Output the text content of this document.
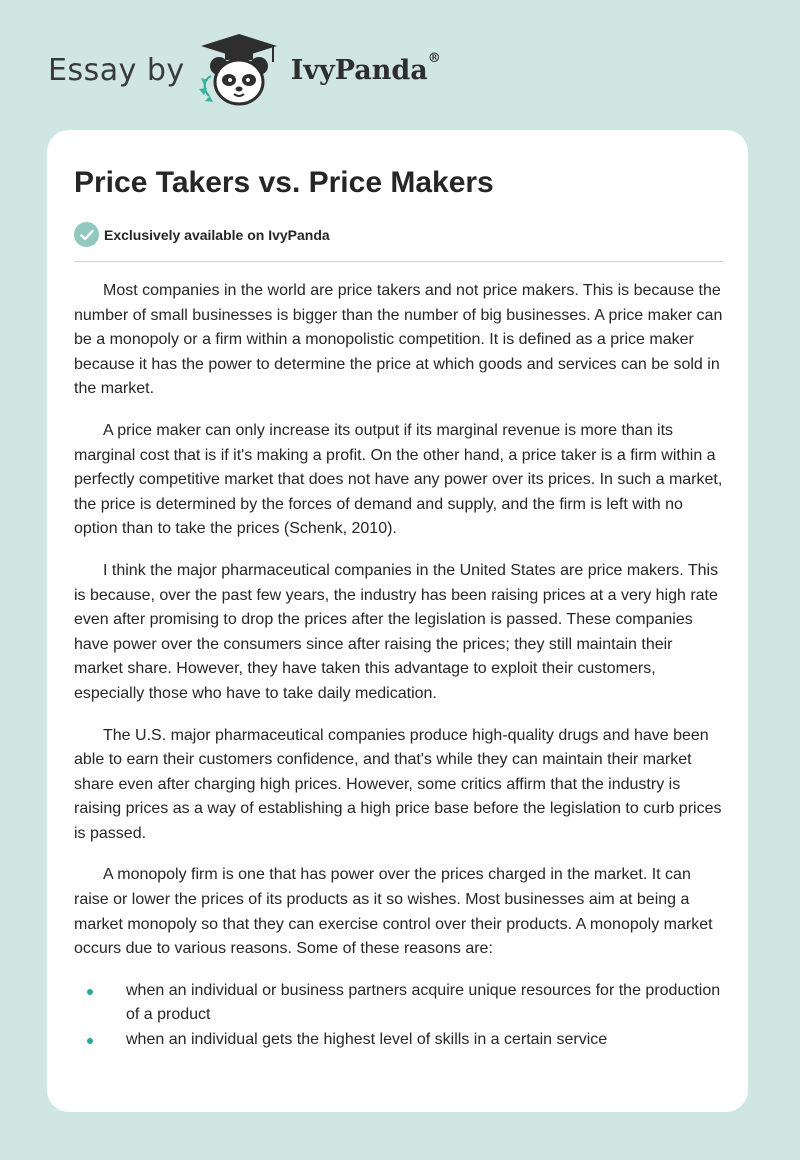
Essay by	IvyPanda®
Price Takers vs. Price Makers
Exclusively available on IvyPanda

Most companies in the world are price takers and not price makers. This is because the number of small businesses is bigger than the number of big businesses. A price maker can be a monopoly or a firm within a monopolistic competition. It is defined as a price maker because it has the power to determine the price at which goods and services can be sold in the market.

A price maker can only increase its output if its marginal revenue is more than its marginal cost that is if it's making a profit. On the other hand, a price taker is a firm within a perfectly competitive market that does not have any power over its prices. In such a market, the price is determined by the forces of demand and supply, and the firm is left with no option than to take the prices (Schenk, 2010).

I think the major pharmaceutical companies in the United States are price makers. This is because, over the past few years, the industry has been raising prices at a very high rate even after promising to drop the prices after the legislation is passed. These companies have power over the consumers since after raising the prices; they still maintain their market share. However, they have taken this advantage to exploit their customers, especially those who have to take daily medication.

The U.S. major pharmaceutical companies produce high-quality drugs and have been able to earn their customers confidence, and that's while they can maintain their market share even after charging high prices. However, some critics affirm that the industry is raising prices as a way of establishing a high price base before the legislation to curb prices is passed.

A monopoly firm is one that has power over the prices charged in the market. It can raise or lower the prices of its products as it so wishes. Most businesses aim at being a market monopoly so that they can exercise control over their products. A monopoly market occurs due to various reasons. Some of these reasons are:

when an individual or business partners acquire unique resources for the production of a product
when an individual gets the highest level of skills in a certain service
